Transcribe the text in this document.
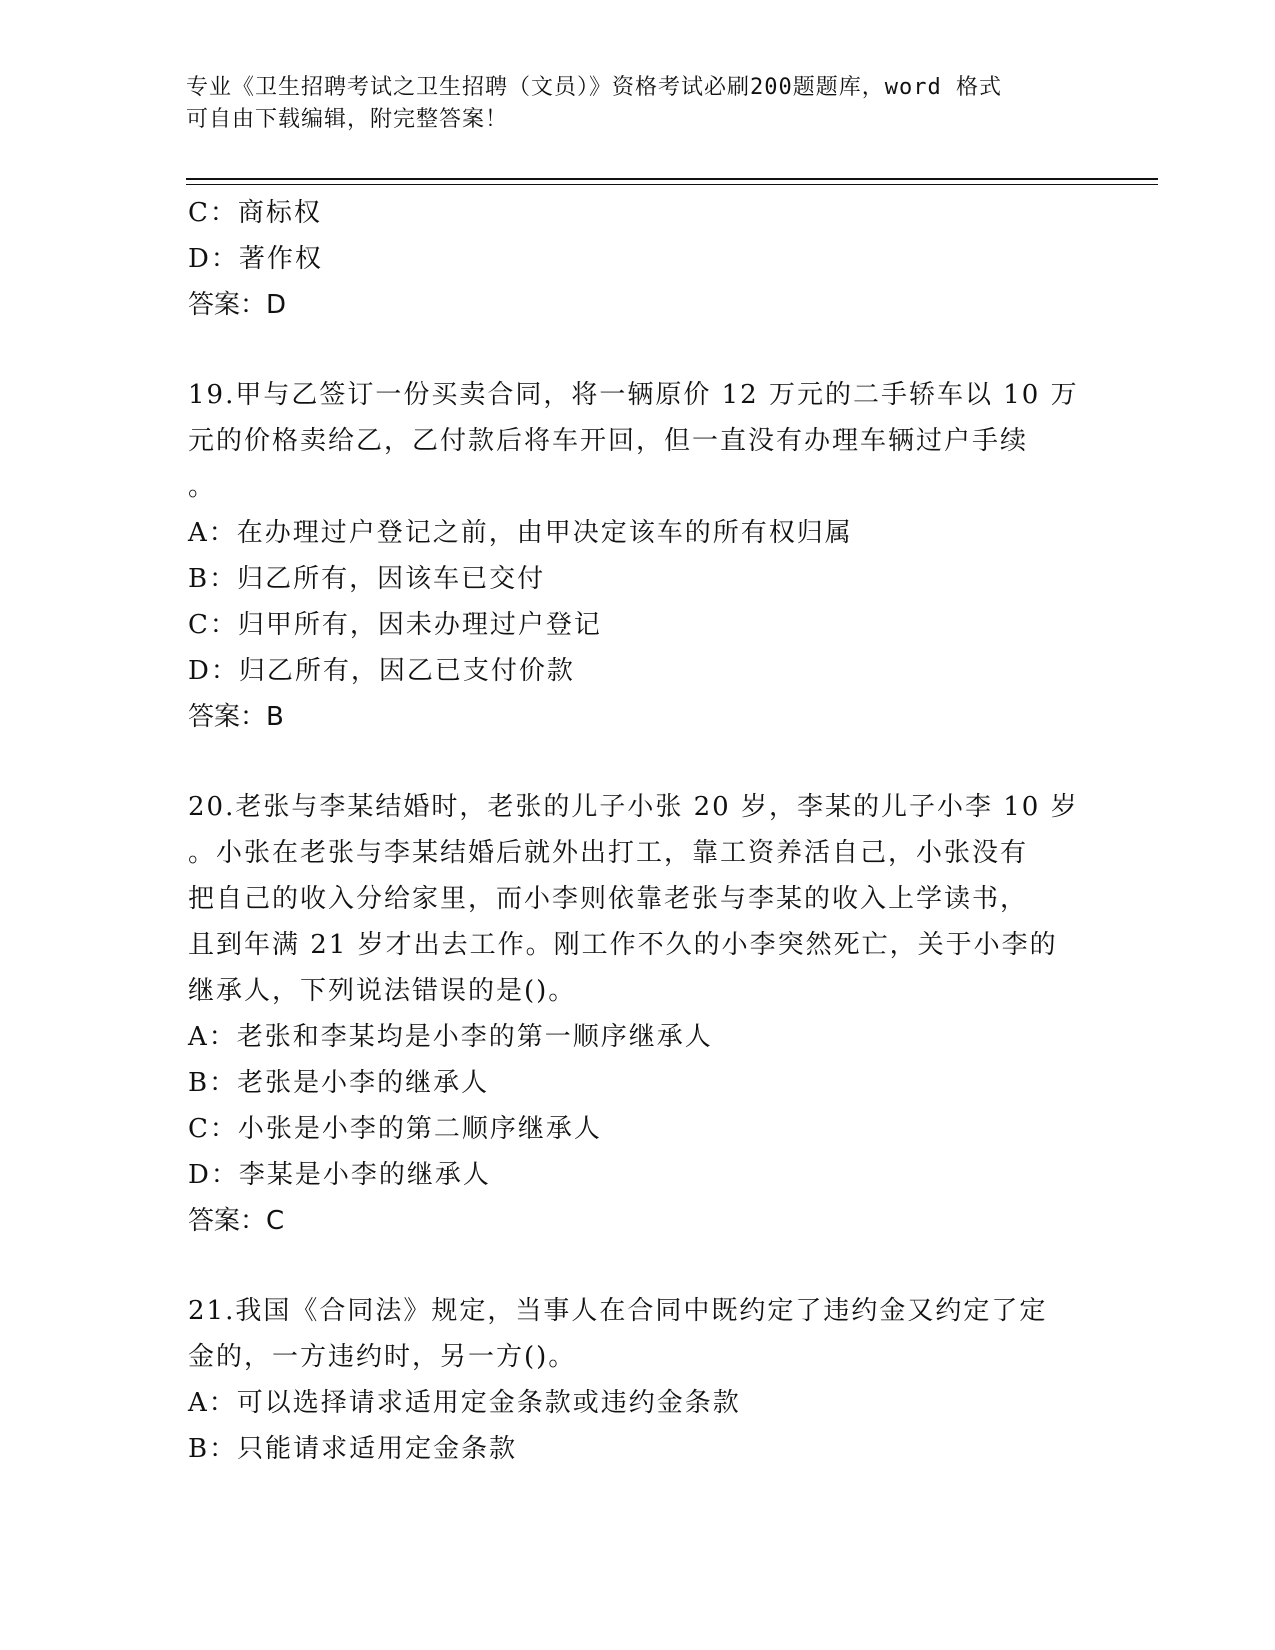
专业《卫生招聘考试之卫生招聘（文员）》资格考试必刷200题题库，word 格式
可自由下载编辑，附完整答案！
C：商标权
D：著作权
答案：D
19.甲与乙签订一份买卖合同，将一辆原价 12 万元的二手轿车以 10 万
元的价格卖给乙，乙付款后将车开回，但一直没有办理车辆过户手续
。
A：在办理过户登记之前，由甲决定该车的所有权归属
B：归乙所有，因该车已交付
C：归甲所有，因未办理过户登记
D：归乙所有，因乙已支付价款
答案：B
20.老张与李某结婚时，老张的儿子小张 20 岁，李某的儿子小李 10 岁
。小张在老张与李某结婚后就外出打工，靠工资养活自己，小张没有
把自己的收入分给家里，而小李则依靠老张与李某的收入上学读书，
且到年满 21 岁才出去工作。刚工作不久的小李突然死亡，关于小李的
继承人，下列说法错误的是()。
A：老张和李某均是小李的第一顺序继承人
B：老张是小李的继承人
C：小张是小李的第二顺序继承人
D：李某是小李的继承人
答案：C
21.我国《合同法》规定，当事人在合同中既约定了违约金又约定了定
金的，一方违约时，另一方()。
A：可以选择请求适用定金条款或违约金条款
B：只能请求适用定金条款
